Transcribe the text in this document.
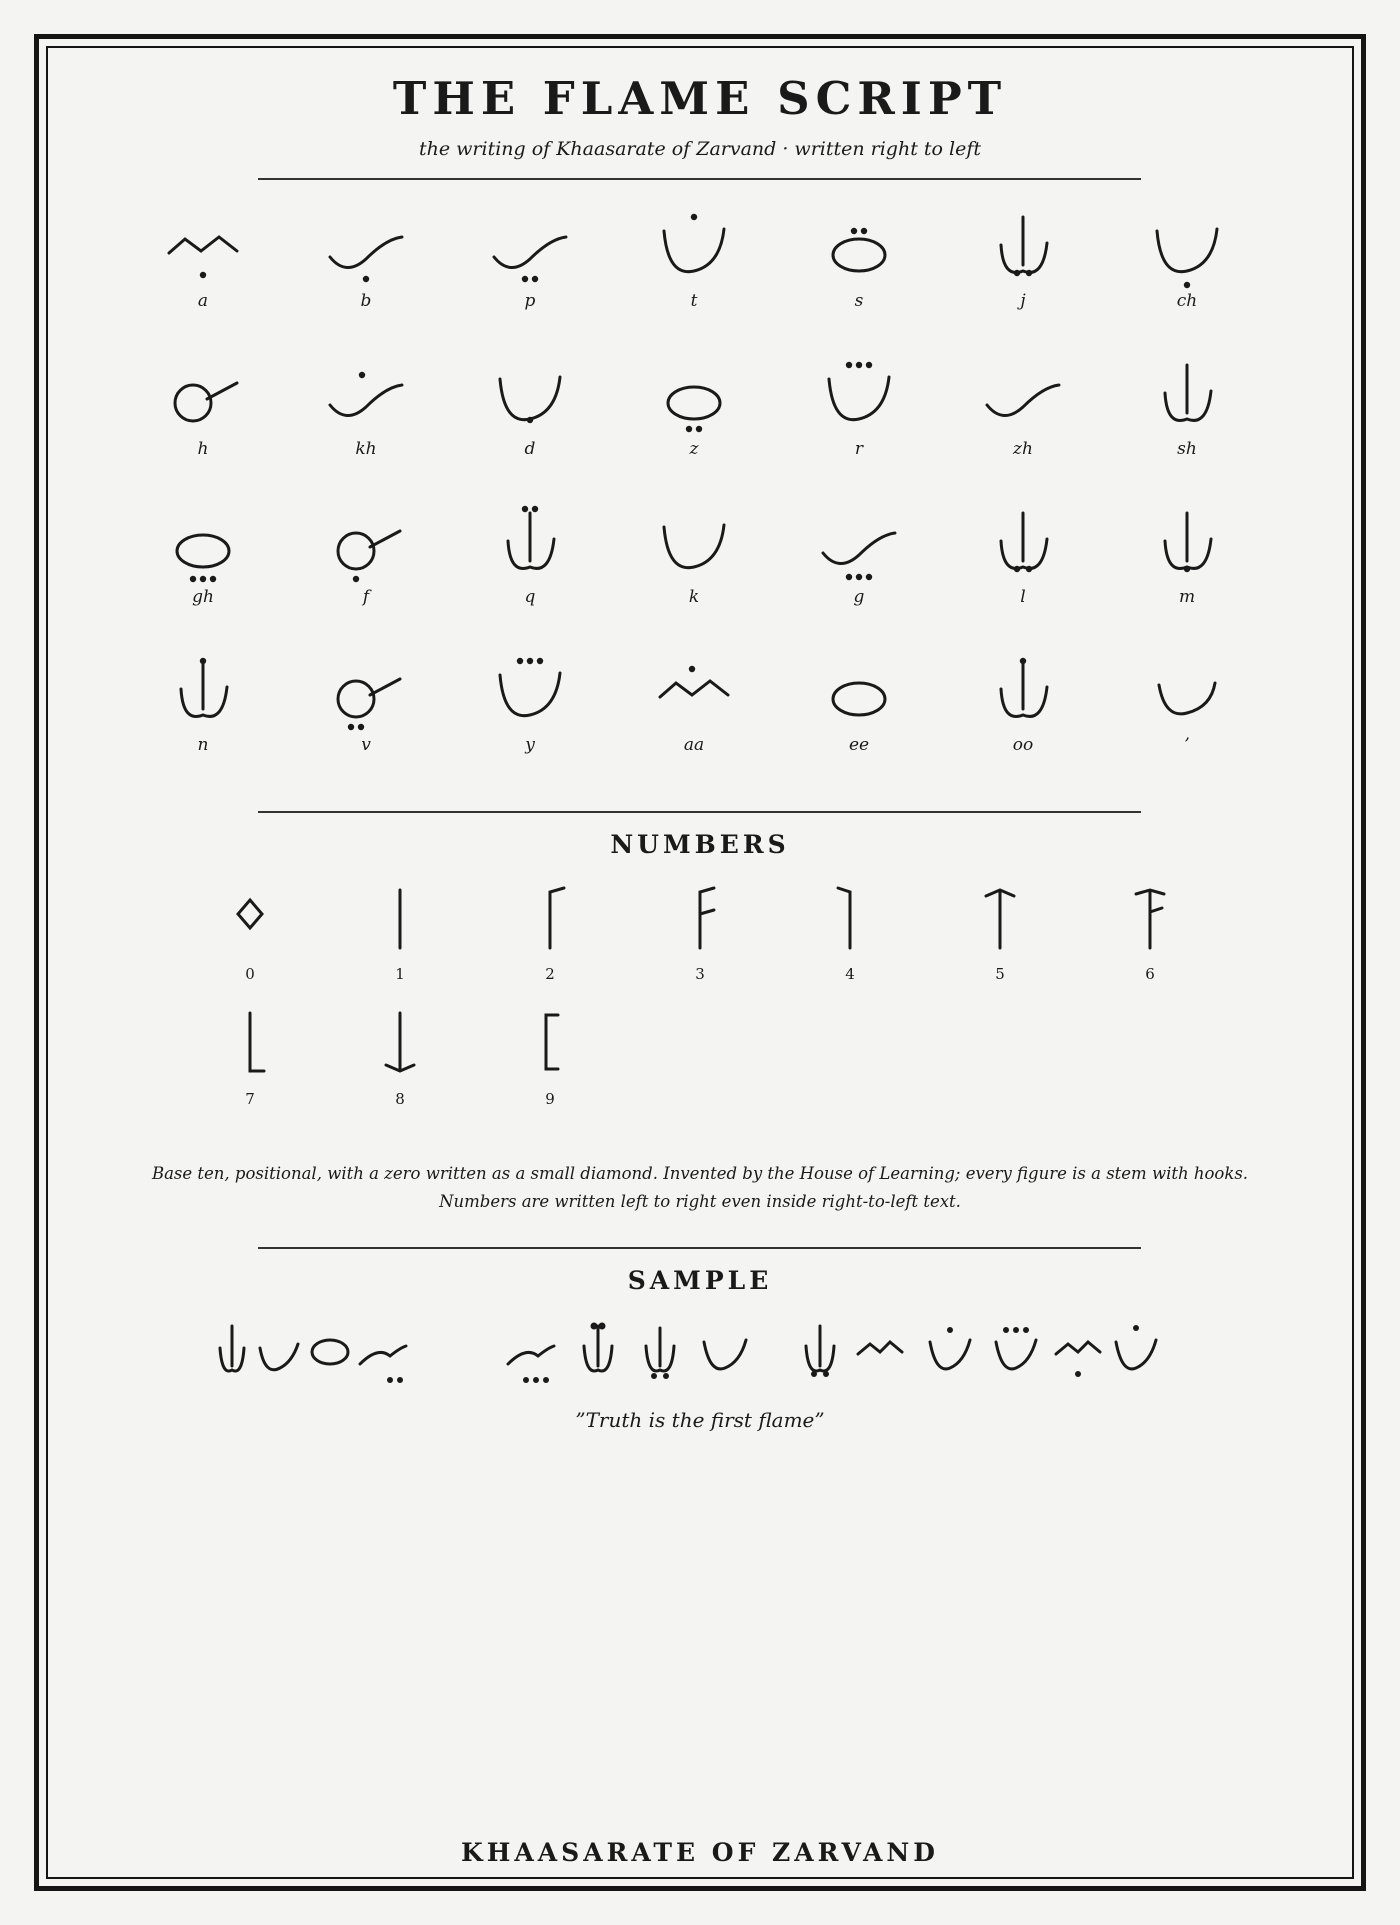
THE FLAME SCRIPT
the writing of Khaasarate of Zarvand · written right to left
a	b	p	t	s	j	ch
h	kh	d	z	r	zh	sh
gh	f	q	k	g	l	m
n	v	y	aa	ee	oo	’
NUMBERS
0	1	2	3	4	5	6
7	8	9
Base ten, positional, with a zero written as a small diamond. Invented by the House of Learning; every figure is a stem with hooks.
Numbers are written left to right even inside right-to-left text.
SAMPLE
”Truth is the first flame”
KHAASARATE OF ZARVAND
